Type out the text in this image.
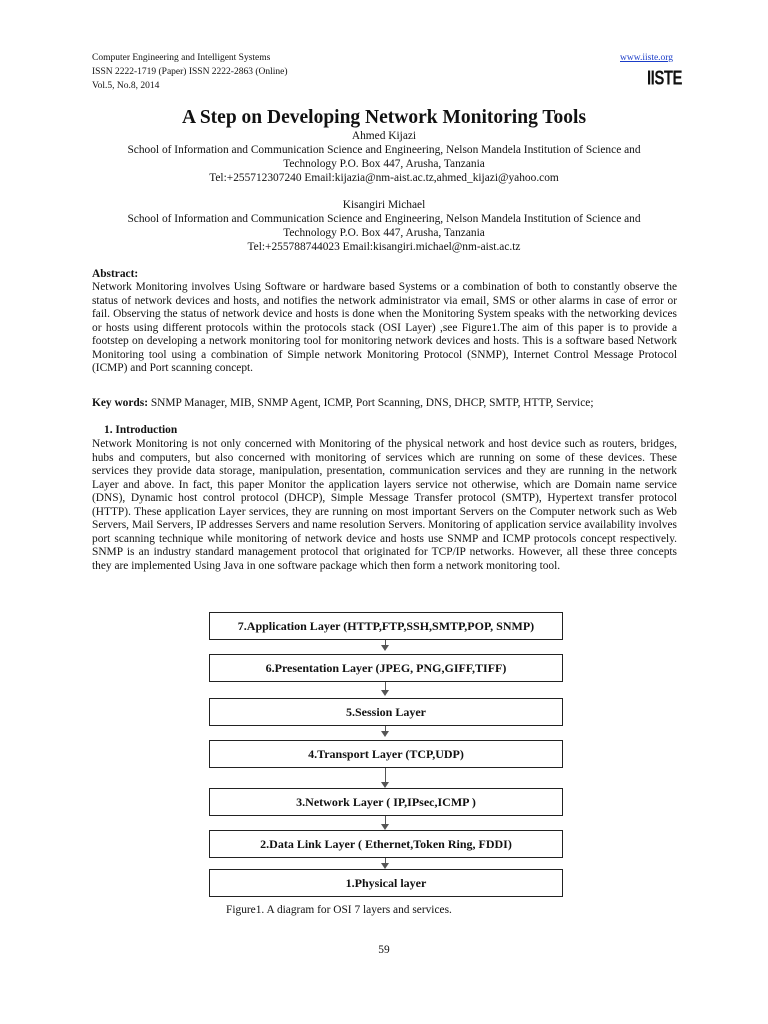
Computer Engineering and Intelligent Systems
ISSN 2222-1719 (Paper) ISSN 2222-2863 (Online)
Vol.5, No.8, 2014
www.iiste.org
IISTE
A Step on Developing Network Monitoring Tools
Ahmed Kijazi
School of Information and Communication Science and Engineering, Nelson Mandela Institution of Science and
Technology P.O. Box 447, Arusha, Tanzania
Tel:+255712307240 Email:kijazia@nm-aist.ac.tz,ahmed_kijazi@yahoo.com
Kisangiri Michael
School of Information and Communication Science and Engineering, Nelson Mandela Institution of Science and
Technology P.O. Box 447, Arusha, Tanzania
Tel:+255788744023 Email:kisangiri.michael@nm-aist.ac.tz
Abstract:
Network Monitoring involves Using Software or hardware based Systems or a combination of both to constantly observe the status of network devices and hosts, and notifies the network administrator via email, SMS or other alarms in case of error or fail. Observing the status of network device and hosts is done when the Monitoring System speaks with the networking devices or hosts using different protocols within the protocols stack (OSI Layer) ,see Figure1.The aim of this paper is to provide a footstep on developing a network monitoring tool for monitoring network devices and hosts. This is a software based Network Monitoring tool using a combination of Simple network Monitoring Protocol (SNMP), Internet Control Message Protocol (ICMP) and Port scanning concept.
Key words: SNMP Manager, MIB, SNMP Agent, ICMP, Port Scanning, DNS, DHCP, SMTP, HTTP, Service;
1. Introduction
Network Monitoring is not only concerned with Monitoring of the physical network and host device such as routers, bridges, hubs and computers, but also concerned with monitoring of services which are running on some of these devices. These services they provide data storage, manipulation, presentation, communication services and they are running in the network Layer and above. In fact, this paper Monitor the application layers service not otherwise, which are Domain name service (DNS), Dynamic host control protocol (DHCP), Simple Message Transfer protocol (SMTP), Hypertext transfer protocol (HTTP). These application Layer services, they are running on most important Servers on the Computer network such as Web Servers, Mail Servers, IP addresses Servers and name resolution Servers. Monitoring of application service availability involves port scanning technique while monitoring of network device and hosts use SNMP and ICMP protocols concept respectively. SNMP is an industry standard management protocol that originated for TCP/IP networks. However, all these three concepts they are implemented Using Java in one software package which then form a network monitoring tool.
7.Application Layer (HTTP,FTP,SSH,SMTP,POP, SNMP)
6.Presentation Layer (JPEG, PNG,GIFF,TIFF)
5.Session Layer
4.Transport Layer (TCP,UDP)
3.Network Layer ( IP,IPsec,ICMP )
2.Data Link Layer ( Ethernet,Token Ring, FDDI)
1.Physical layer
Figure1. A diagram for OSI 7 layers and services.
59
